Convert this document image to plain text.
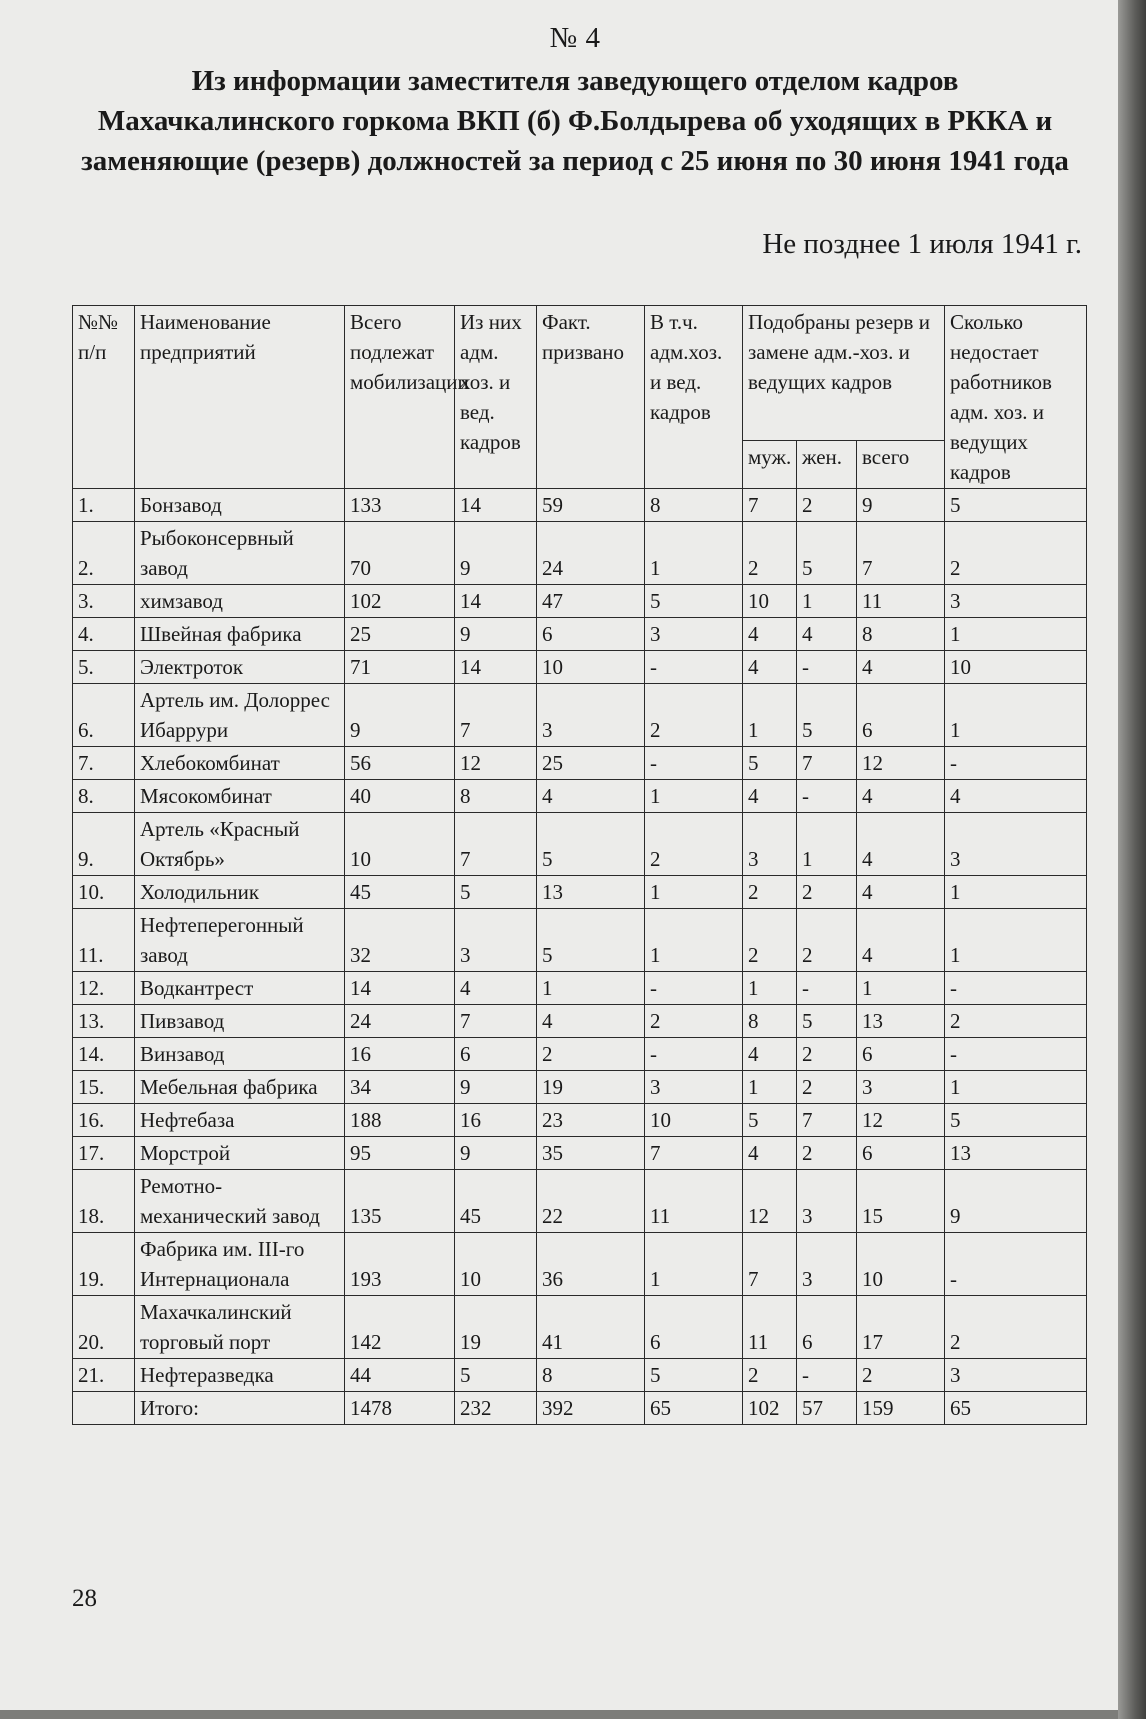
№ 4
Из информации заместителя заведующего отделом кадров Махачкалинского горкома ВКП (б) Ф.Болдырева об уходящих в РККА и заменяющие (резерв) должностей за период с 25 июня по 30 июня 1941 года
Не позднее 1 июля 1941 г.
№№ п/п	Наименование предприятий	Всего подлежат мобилизации	Из них адм. хоз. и вед. кадров	Факт. призвано	В т.ч. адм.хоз. и вед. кадров	Подобраны резерв и замене адм.-хоз. и ведущих кадров			Сколько недостает работников адм. хоз. и ведущих кадров
						муж.	жен.	всего	
1.	Бонзавод	133	14	59	8	7	2	9	5
2.	Рыбоконсервный завод	70	9	24	1	2	5	7	2
3.	химзавод	102	14	47	5	10	1	11	3
4.	Швейная фабрика	25	9	6	3	4	4	8	1
5.	Электроток	71	14	10	-	4	-	4	10
6.	Артель им. Долоррес Ибаррури	9	7	3	2	1	5	6	1
7.	Хлебокомбинат	56	12	25	-	5	7	12	-
8.	Мясокомбинат	40	8	4	1	4	-	4	4
9.	Артель «Красный Октябрь»	10	7	5	2	3	1	4	3
10.	Холодильник	45	5	13	1	2	2	4	1
11.	Нефтеперегонный завод	32	3	5	1	2	2	4	1
12.	Водкантрест	14	4	1	-	1	-	1	-
13.	Пивзавод	24	7	4	2	8	5	13	2
14.	Винзавод	16	6	2	-	4	2	6	-
15.	Мебельная фабрика	34	9	19	3	1	2	3	1
16.	Нефтебаза	188	16	23	10	5	7	12	5
17.	Морстрой	95	9	35	7	4	2	6	13
18.	Ремотно-механический завод	135	45	22	11	12	3	15	9
19.	Фабрика им. III-го Интернационала	193	10	36	1	7	3	10	-
20.	Махачкалинский торговый порт	142	19	41	6	11	6	17	2
21.	Нефтеразведка	44	5	8	5	2	-	2	3
	Итого:	1478	232	392	65	102	57	159	65
28
